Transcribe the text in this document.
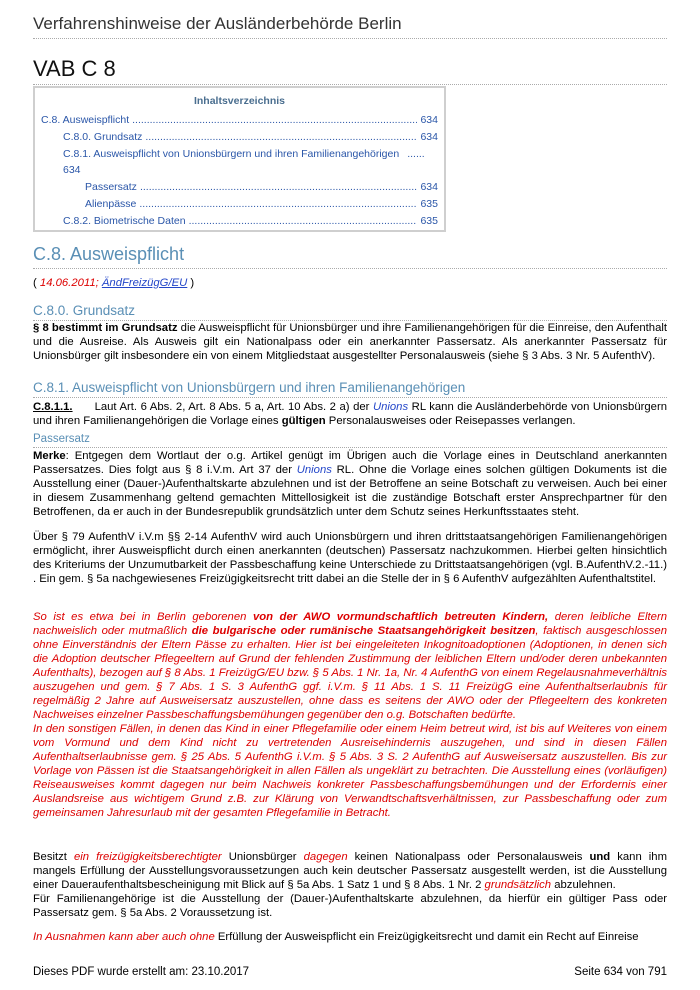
Verfahrenshinweise der Ausländerbehörde Berlin
VAB C 8
Inhaltsverzeichnis
C.8. Ausweispflicht .....	634
C.8.0. Grundsatz .....	634
C.8.1. Ausweispflicht von Unionsbürgern und ihren Familienangehörigen ......
634
Passersatz .....	634
Alienpässe .....	635
C.8.2. Biometrische Daten .....	635
C.8. Ausweispflicht
( 14.06.2011; ÄndFreizügG/EU )
C.8.0. Grundsatz
§ 8 bestimmt im Grundsatz die Ausweispflicht für Unionsbürger und ihre Familienangehörigen für die Einreise, den Aufenthalt und die Ausreise. Als Ausweis gilt ein Nationalpass oder ein anerkannter Passersatz. Als anerkannter Passersatz für Unionsbürger gilt insbesondere ein von einem Mitgliedstaat ausgestellter Personalausweis (siehe § 3 Abs. 3 Nr. 5 AufenthV).
C.8.1. Ausweispflicht von Unionsbürgern und ihren Familienangehörigen
C.8.1.1. Laut Art. 6 Abs. 2, Art. 8 Abs. 5 a, Art. 10 Abs. 2 a) der Unions RL kann die Ausländerbehörde von Unionsbürgern und ihren Familienangehörigen die Vorlage eines gültigen Personalausweises oder Reisepasses verlangen.
Passersatz
Merke: Entgegen dem Wortlaut der o.g. Artikel genügt im Übrigen auch die Vorlage eines in Deutschland anerkannten Passersatzes. Dies folgt aus § 8 i.V.m. Art 37 der Unions RL. Ohne die Vorlage eines solchen gültigen Dokuments ist die Ausstellung einer (Dauer-)Aufenthaltskarte abzulehnen und ist der Betroffene an seine Botschaft zu verweisen. Auch bei einer in diesem Zusammenhang geltend gemachten Mittellosigkeit ist die zuständige Botschaft erster Ansprechpartner für den Betroffenen, da er auch in der Bundesrepublik grundsätzlich unter dem Schutz seines Herkunftsstaates steht.
Über § 79 AufenthV i.V.m §§ 2-14 AufenthV wird auch Unionsbürgern und ihren drittstaatsangehörigen Familienangehörigen ermöglicht, ihrer Ausweispflicht durch einen anerkannten (deutschen) Passersatz nachzukommen. Hierbei gelten hinsichtlich des Kriteriums der Unzumutbarkeit der Passbeschaffung keine Unterschiede zu Drittstaatsangehörigen (vgl. B.AufenthV.2.-11.) . Ein gem. § 5a nachgewiesenes Freizügigkeitsrecht tritt dabei an die Stelle der in § 6 AufenthV aufgezählten Aufenthaltstitel.
So ist es etwa bei in Berlin geborenen von der AWO vormundschaftlich betreuten Kindern, deren leibliche Eltern nachweislich oder mutmaßlich die bulgarische oder rumänische Staatsangehörigkeit besitzen, faktisch ausgeschlossen ohne Einverständnis der Eltern Pässe zu erhalten. Hier ist bei eingeleiteten Inkognitoadoptionen (Adoptionen, in denen sich die Adoption deutscher Pflegeeltern auf Grund der fehlenden Zustimmung der leiblichen Eltern und/oder deren unbekannten Aufenthalts), bezogen auf § 8 Abs. 1 FreizügG/EU bzw. § 5 Abs. 1 Nr. 1a, Nr. 4 AufenthG von einem Regelausnahmeverhältnis auszugehen und gem. § 7 Abs. 1 S. 3 AufenthG ggf. i.V.m. § 11 Abs. 1 S. 11 FreizügG eine Aufenthaltserlaubnis für regelmäßig 2 Jahre auf Ausweisersatz auszustellen, ohne dass es seitens der AWO oder der Pflegeeltern des konkreten Nachweises einzelner Passbeschaffungsbemühungen gegenüber den o.g. Botschaften bedürfte.
In den sonstigen Fällen, in denen das Kind in einer Pflegefamilie oder einem Heim betreut wird, ist bis auf Weiteres von einem vom Vormund und dem Kind nicht zu vertretenden Ausreisehindernis auszugehen, und sind in diesen Fällen Aufenthaltserlaubnisse gem. § 25 Abs. 5 AufenthG i.V.m. § 5 Abs. 3 S. 2 AufenthG auf Ausweisersatz auszustellen. Bis zur Vorlage von Pässen ist die Staatsangehörigkeit in allen Fällen als ungeklärt zu betrachten. Die Ausstellung eines (vorläufigen) Reiseausweises kommt dagegen nur beim Nachweis konkreter Passbeschaffungsbemühungen und der Erfordernis einer Auslandsreise aus wichtigem Grund z.B. zur Klärung von Verwandtschaftsverhältnissen, zur Passbeschaffung oder zum gemeinsamen Jahresurlaub mit der gesamten Pflegefamilie in Betracht.
Besitzt ein freizügigkeitsberechtigter Unionsbürger dagegen keinen Nationalpass oder Personalausweis und kann ihm mangels Erfüllung der Ausstellungsvoraussetzungen auch kein deutscher Passersatz ausgestellt werden, ist die Ausstellung einer Daueraufenthaltsbescheinigung mit Blick auf § 5a Abs. 1 Satz 1 und § 8 Abs. 1 Nr. 2 grundsätzlich abzulehnen.
Für Familienangehörige ist die Ausstellung der (Dauer-)Aufenthaltskarte abzulehnen, da hierfür ein gültiger Pass oder Passersatz gem. § 5a Abs. 2 Voraussetzung ist.
In Ausnahmen kann aber auch ohne Erfüllung der Ausweispflicht ein Freizügigkeitsrecht und damit ein Recht auf Einreise
Dieses PDF wurde erstellt am: 23.10.2017	Seite 634 von 791
